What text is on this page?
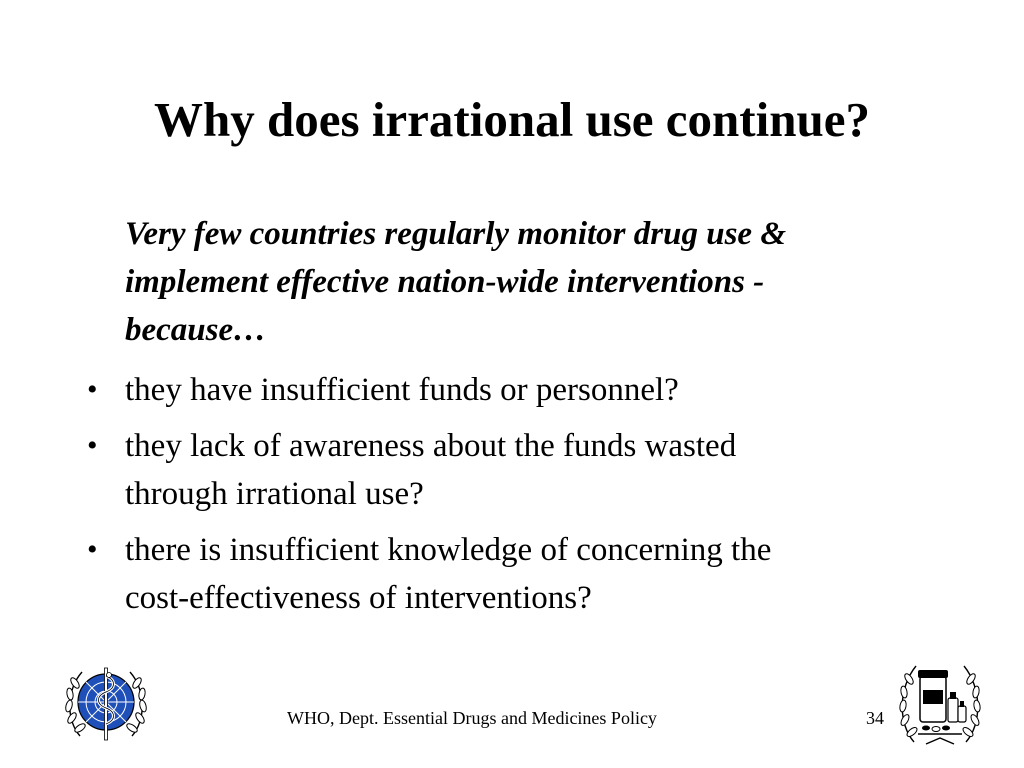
Why does irrational use continue?
Very few countries regularly monitor drug use &
implement effective nation-wide interventions -
because…
• they have insufficient funds or personnel?
• they lack of awareness about the funds wasted
through irrational use?
• there is insufficient knowledge of concerning the
cost-effectiveness of interventions?
WHO, Dept. Essential Drugs and Medicines Policy	34
